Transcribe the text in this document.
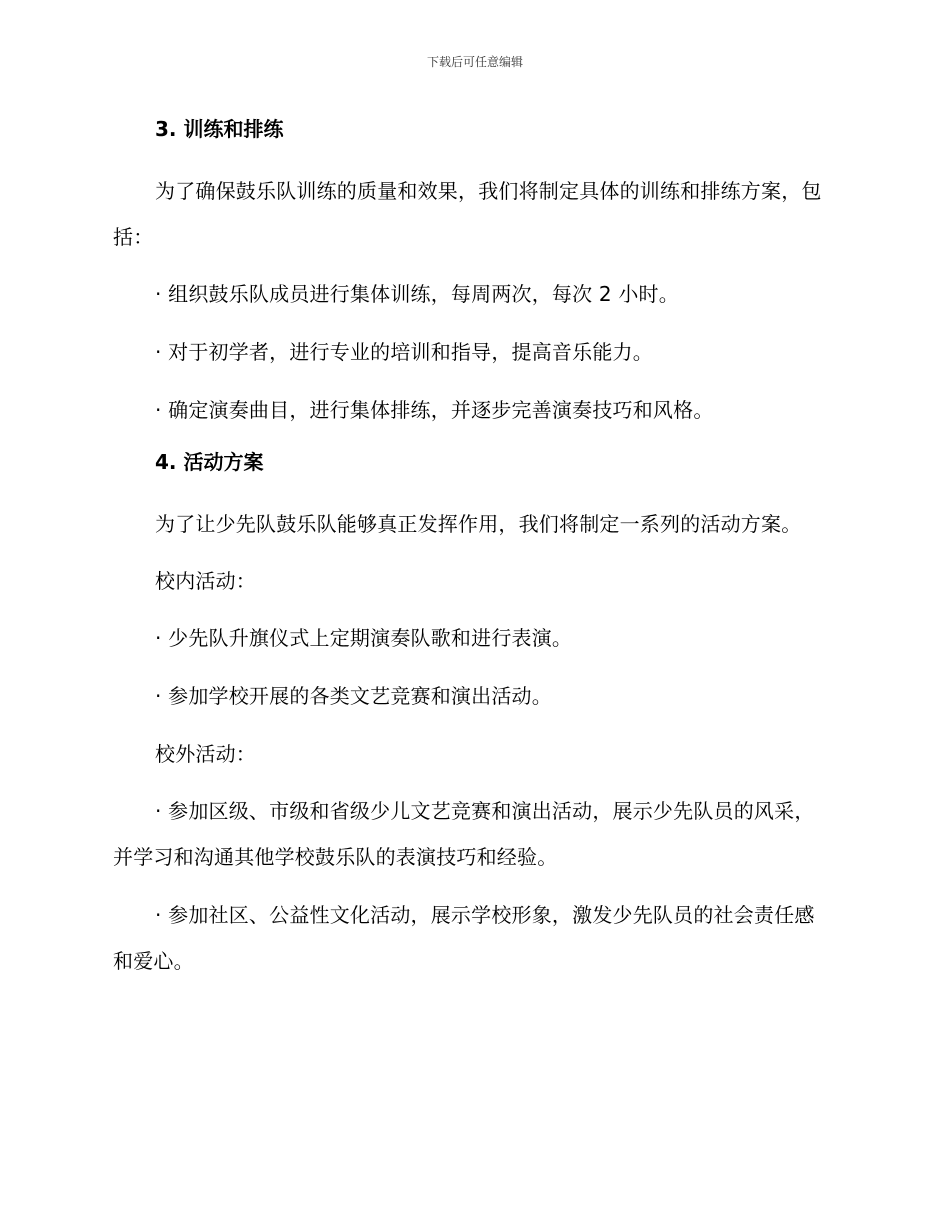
下载后可任意编辑
3. 训练和排练

为了确保鼓乐队训练的质量和效果，我们将制定具体的训练和排练方案，包括：

· 组织鼓乐队成员进行集体训练，每周两次，每次 2 小时。

· 对于初学者，进行专业的培训和指导，提高音乐能力。

· 确定演奏曲目，进行集体排练，并逐步完善演奏技巧和风格。

4. 活动方案

为了让少先队鼓乐队能够真正发挥作用，我们将制定一系列的活动方案。

校内活动：

· 少先队升旗仪式上定期演奏队歌和进行表演。

· 参加学校开展的各类文艺竞赛和演出活动。

校外活动：

· 参加区级、市级和省级少儿文艺竞赛和演出活动，展示少先队员的风采，并学习和沟通其他学校鼓乐队的表演技巧和经验。

· 参加社区、公益性文化活动，展示学校形象，激发少先队员的社会责任感和爱心。
